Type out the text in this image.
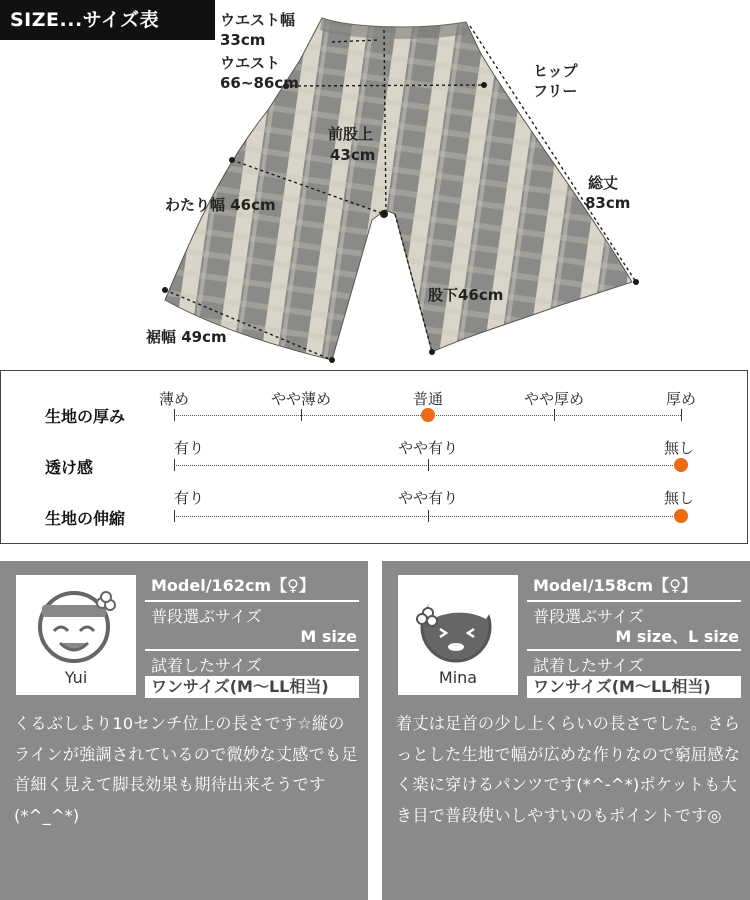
SIZE...サイズ表	ウエスト幅
33cm
ウエスト
66~86cm
ヒップ
フリー
前股上
43cm
総丈
83cm
わたり幅 46cm
股下46cm
裾幅 49cm
生地の厚み
薄め	やや薄め	普通	やや厚め	厚め
透け感
有り	やや有り	無し
生地の伸縮
有り	やや有り	無し
Yui
Model/162cm【♀】
普段選ぶサイズ
M size
試着したサイズ
ワンサイズ(M〜LL相当)
くるぶしより10センチ位上の長さです☆縦のラインが強調されているので微妙な丈感でも足首細く見えて脚長効果も期待出来そうです(*^_^*)
Mina
Model/158cm【♀】
普段選ぶサイズ
M size、L size
試着したサイズ
ワンサイズ(M〜LL相当)
着丈は足首の少し上くらいの長さでした。さらっとした生地で幅が広めな作りなので窮屈感なく楽に穿けるパンツです(*^-^*)ポケットも大き目で普段使いしやすいのもポイントです◎
